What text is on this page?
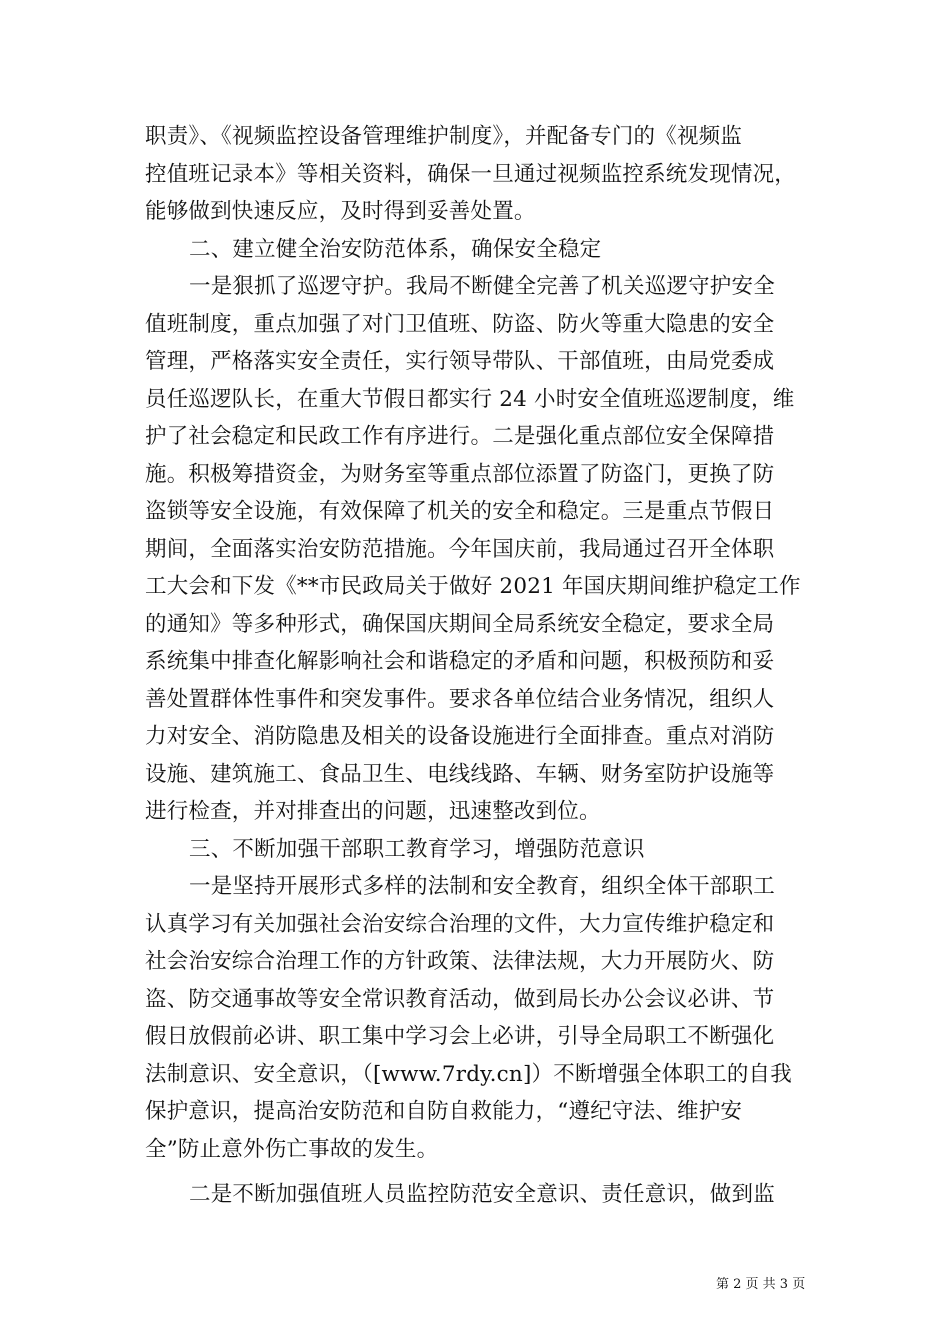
职责》、《视频监控设备管理维护制度》，并配备专门的《视频监
控值班记录本》等相关资料，确保一旦通过视频监控系统发现情况，
能够做到快速反应，及时得到妥善处置。
二、建立健全治安防范体系，确保安全稳定
一是狠抓了巡逻守护。我局不断健全完善了机关巡逻守护安全
值班制度，重点加强了对门卫值班、防盗、防火等重大隐患的安全
管理，严格落实安全责任，实行领导带队、干部值班，由局党委成
员任巡逻队长，在重大节假日都实行 24 小时安全值班巡逻制度，维
护了社会稳定和民政工作有序进行。二是强化重点部位安全保障措
施。积极筹措资金，为财务室等重点部位添置了防盗门，更换了防
盗锁等安全设施，有效保障了机关的安全和稳定。三是重点节假日
期间，全面落实治安防范措施。今年国庆前，我局通过召开全体职
工大会和下发《**市民政局关于做好 2021 年国庆期间维护稳定工作
的通知》等多种形式，确保国庆期间全局系统安全稳定，要求全局
系统集中排查化解影响社会和谐稳定的矛盾和问题，积极预防和妥
善处置群体性事件和突发事件。要求各单位结合业务情况，组织人
力对安全、消防隐患及相关的设备设施进行全面排查。重点对消防
设施、建筑施工、食品卫生、电线线路、车辆、财务室防护设施等
进行检查，并对排查出的问题，迅速整改到位。
三、不断加强干部职工教育学习，增强防范意识
一是坚持开展形式多样的法制和安全教育，组织全体干部职工
认真学习有关加强社会治安综合治理的文件，大力宣传维护稳定和
社会治安综合治理工作的方针政策、法律法规，大力开展防火、防
盗、防交通事故等安全常识教育活动，做到局长办公会议必讲、节
假日放假前必讲、职工集中学习会上必讲，引导全局职工不断强化
法制意识、安全意识，（[www.7rdy.cn]）不断增强全体职工的自我
保护意识，提高治安防范和自防自救能力，“遵纪守法、维护安
全”防止意外伤亡事故的发生。
二是不断加强值班人员监控防范安全意识、责任意识，做到监
第 2 页 共 3 页
